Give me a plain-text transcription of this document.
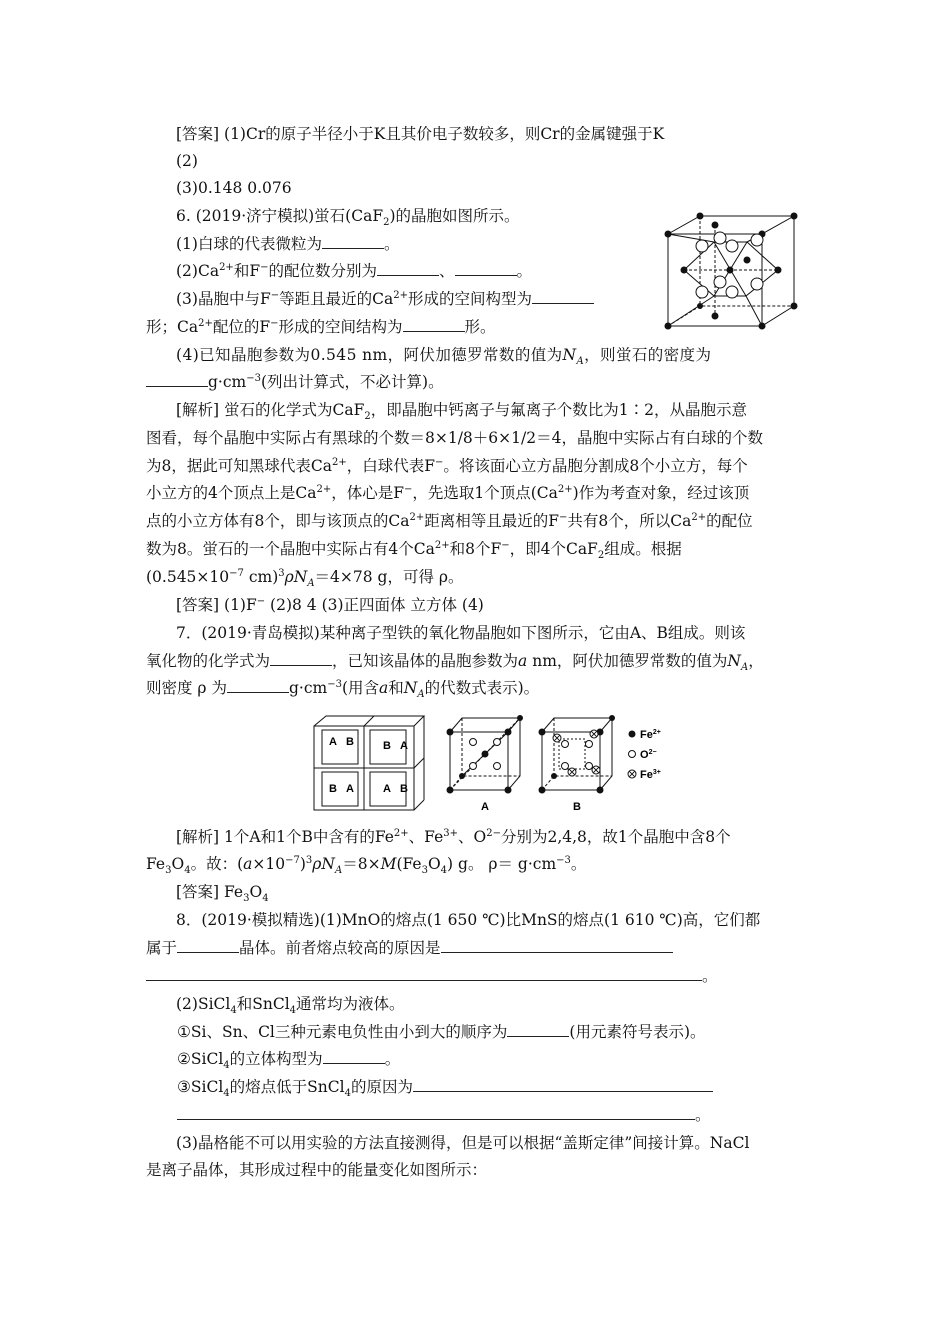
[答案] (1)Cr的原子半径小于K且其价电子数较多，则Cr的金属键强于K
(2)
(3)0.148 0.076
6. (2019·济宁模拟)蛍石(CaF$_2$)的晶胞如图所示。
(1)白球的代表微粒为	。
$(2)Ca^{2+}$和F−的配位数分别为	、	。
(3)晶胞中与F−等距且最近的$Ca^{2+}$形成的空间构型为
形；$Ca^{2+}$配位的F−形成的空间结构为	形。
(4)已知晶胞参数为0.545 nm，阿伏加德罗常数的值为$N_A$，则蛍石的密度为
$g\cdot cm^{-3}$(列出计算式，不必计算)。
[解析] 蛍石的化学式为CaF$_2$，即晶胞中钙离子与氟离子个数比为1∶2，从晶胞示意
图看，每个晶胞中实际占有黑球的个数＝8×1/8＋6×1/2＝4，晶胞中实际占有白球的个数
为8，据此可知黑球代表$Ca^{2+}$，白球代表F−。将该面心立方晶胞分割成8个小立方，每个
小立方的4个顶点上是$Ca^{2+}$，体心是F−，先选取1个顶点$(Ca^{2+})$作为考查对象，经过该顶
点的小立方体有8个，即与该顶点的$Ca^{2+}$距离相等且最近的F−共有8个，所以$Ca^{2+}$的配位
数为8。蛍石的一个晶胞中实际占有4个$Ca^{2+}$和8个F−，即4个CaF$_2$组成。根据
($0.545\times 10^{-7}$ $cm)^3\rho N_A=4\times 78$ g，可得 ρ。
[答案] (1)F− (2)8 4 (3)正四面体 立方体 (4)
7．(2019·青岛模拟)某种离子型铁的氧化物晶胞如下图所示，它由A、B组成。则该
氧化物的化学式为	，已知该晶体的晶胞参数为a nm，阿伏加德罗常数的值为$N_A$，
则密度 ρ 为	$g\cdot cm^{-3}$(用含a和$N_A$的代数式表示)。
A B	B A
B A	A B
A	B
$Fe^{2+}$
$O^{2-}$
$Fe^{3+}$
[解析] 1个A和1个B中含有的$Fe^{2+}$、$Fe^{3+}$、$O^{2-}$分别为2,4,8，故1个晶胞中含8个
$Fe_3O_4$。故：$(a\times 10^{-7})^3\rho N_A=8\times M(Fe_3O_4)$ g。 $\rho= g\cdot cm^{-3}$。
[答案] $Fe_3O_4$
8．(2019·模拟精选)(1)MnO的熔点(1 650 ℃)比MnS的熔点(1 610 ℃)高，它们都
属于	晶体。前者熔点较高的原因是
。
(2)SiCl$_4$和SnCl$_4$通常均为液体。
①Si、Sn、Cl三种元素电负性由小到大的顺序为	(用元素符号表示)。
②SiCl$_4$的立体构型为	。
③SiCl$_4$的熔点低于SnCl$_4$的原因为
。
(3)晶格能不可以用实验的方法直接测得，但是可以根据“盖斯定律”间接计算。NaCl
是离子晶体，其形成过程中的能量变化如图所示：
